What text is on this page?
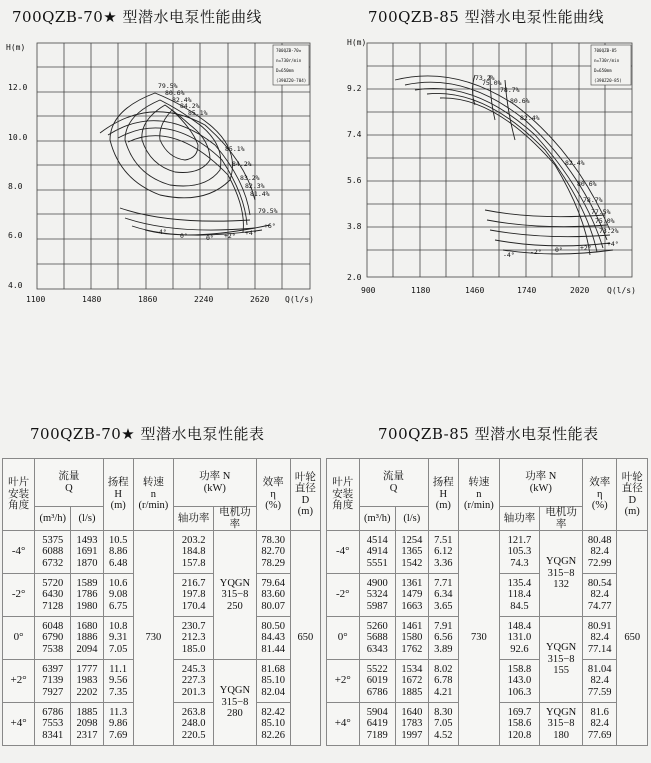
700QZB-70★ 型潜水电泵性能曲线	700QZB-85 型潜水电泵性能曲线
79.5%
80.6%
82.4%
84.2%
85.1%
85.1%
84.2%
83.2%
82.3%
81.4%
79.5%
-4° 0°	0° +2° +4°
+6°
700QZB-70★
n=730r/min
D=650mm
(390Z20-704)
H(m)
12.0
10.0
8.0
6.0
4.0
1100	1480	1860	2240	2620 Q(l/s)
73.2%
75.0%
78.7%
80.6%
82.4%
82.4%
80.6%
78.7%
77.5%
75.0%
73.2%
-4° -2° 0°	+2° +4°
700QZB-85
n=730r/min
D=650mm
(390Z20-85)
H(m)
9.2
7.4
5.6
3.8
2.0
900	1180	1460	1740	2020 Q(l/s)
700QZB-70★ 型潜水电泵性能表	700QZB-85 型潜水电泵性能表
叶片
安装
角度	流量
Q		扬程
H
(m)	转速
n
(r/min)	功率 N
(kW)		效率
η
(%)	叶轮
直径
D
(m)
	(m³/h)	(l/s)			轴功率	电机功率		
-4°	5375
6088
6732	1493
1691
1870	10.5
8.86
6.48	730	203.2
184.8
157.8	YQGN
315−8
250	78.30
82.70
78.29	650
-2°	5720
6430
7128	1589
1786
1980	10.6
9.08
6.75		216.7
197.8
170.4		79.64
83.60
80.07	
0°	6048
6790
7538	1680
1886
2094	10.8
9.31
7.05		230.7
212.3
185.0		80.50
84.43
81.44	
+2°	6397
7139
7927	1777
1983
2202	11.1
9.56
7.35		245.3
227.3
201.3	YQGN
315−8
280	81.68
85.10
82.04	
+4°	6786
7553
8341	1885
2098
2317	11.3
9.86
7.69		263.8
248.0
220.5		82.42
85.10
82.26	
叶片
安装
角度	流量
Q		扬程
H
(m)	转速
n
(r/min)	功率 N
(kW)		效率
η
(%)	叶轮
直径
D
(m)
	(m³/h)	(l/s)			轴功率	电机功率		
-4°	4514
4914
5551	1254
1365
1542	7.51
6.12
3.36	730	121.7
105.3
74.3	YQGN
315−8
132	80.48
82.4
72.99	650
-2°	4900
5324
5987	1361
1479
1663	7.71
6.34
3.65		135.4
118.4
84.5		80.54
82.4
74.77	
0°	5260
5688
6343	1461
1580
1762	7.91
6.56
3.89		148.4
131.0
92.6	YQGN
315−8
155	80.91
82.4
77.14	
+2°	5522
6019
6786	1534
1672
1885	8.02
6.78
4.21		158.8
143.0
106.3		81.04
82.4
77.59	
+4°	5904
6419
7189	1640
1783
1997	8.30
7.05
4.52		169.7
158.6
120.8	YQGN
315−8
180	81.6
82.4
77.69	
